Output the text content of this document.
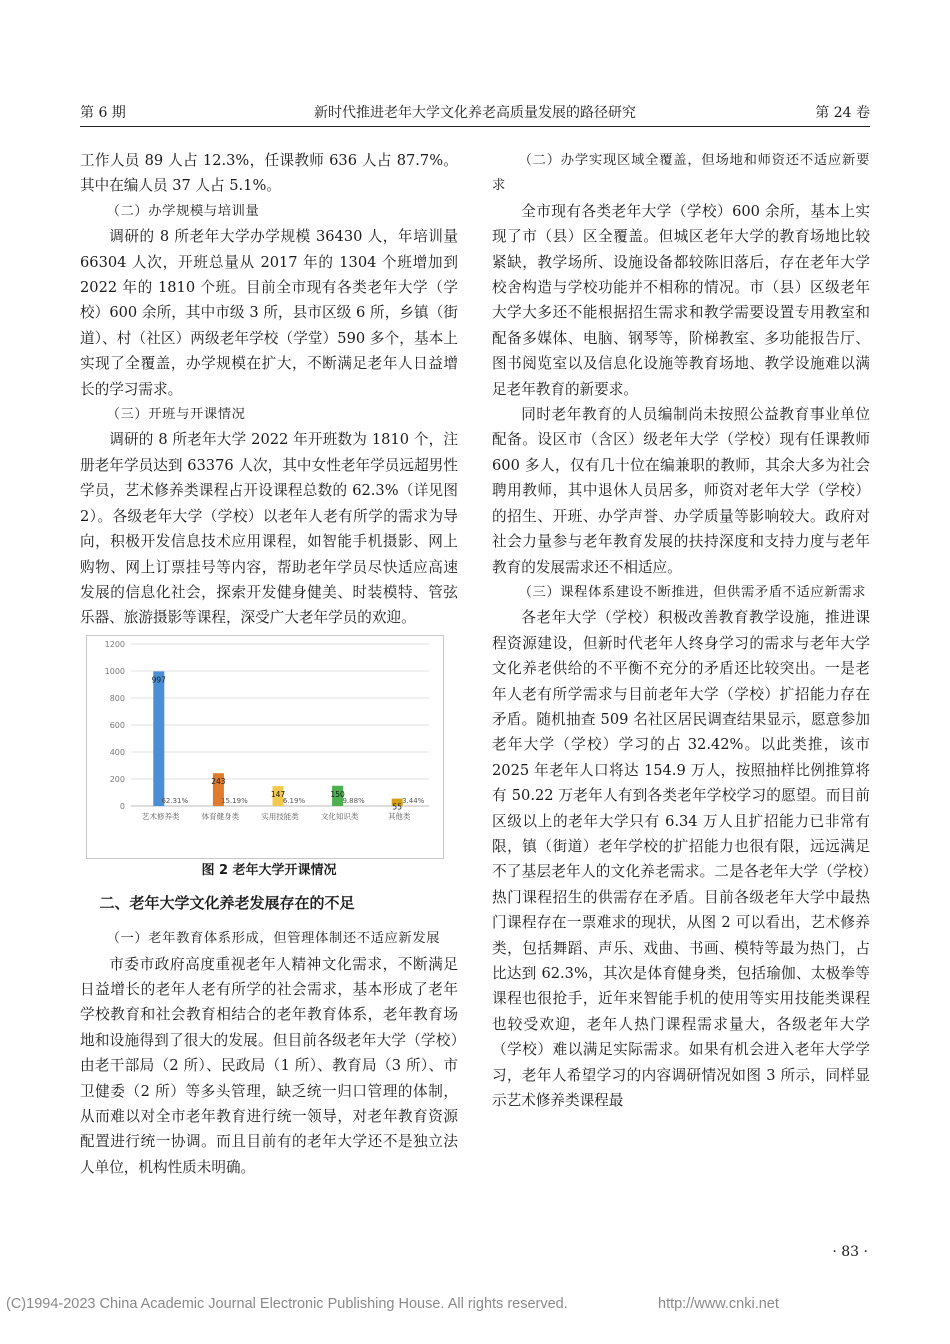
第 6 期	新时代推进老年大学文化养老高质量发展的路径研究	第 24 卷

工作人员 89 人占 12.3%，任课教师 636 人占 87.7%。其中在编人员 37 人占 5.1%。

（二）办学规模与培训量

调研的 8 所老年大学办学规模 36430 人，年培训量 66304 人次，开班总量从 2017 年的 1304 个班增加到 2022 年的 1810 个班。目前全市现有各类老年大学（学校）600 余所，其中市级 3 所，县市区级 6 所，乡镇（街道）、村（社区）两级老年学校（学堂）590 多个，基本上实现了全覆盖，办学规模在扩大，不断满足老年人日益增长的学习需求。

（三）开班与开课情况

调研的 8 所老年大学 2022 年开班数为 1810 个，注册老年学员达到 63376 人次，其中女性老年学员远超男性学员，艺术修养类课程占开设课程总数的 62.3%（详见图 2）。各级老年大学（学校）以老年人老有所学的需求为导向，积极开发信息技术应用课程，如智能手机摄影、网上购物、网上订票挂号等内容，帮助老年学员尽快适应高速发展的信息化社会，探索开发健身健美、时装模特、管弦乐器、旅游摄影等课程，深受广大老年学员的欢迎。

0
200
400
600
800
1000
1200
997
62.31%
艺术修养类
243
15.19%
体育健身类
147
6.19%
实用技能类
150
9.88%
文化知识类
55
3.44%
其他类

图 2 老年大学开课情况

二、老年大学文化养老发展存在的不足

（一）老年教育体系形成，但管理体制还不适应新发展

市委市政府高度重视老年人精神文化需求，不断满足日益增长的老年人老有所学的社会需求，基本形成了老年学校教育和社会教育相结合的老年教育体系，老年教育场地和设施得到了很大的发展。但目前各级老年大学（学校）由老干部局（2 所）、民政局（1 所）、教育局（3 所）、市卫健委（2 所）等多头管理，缺乏统一归口管理的体制，从而难以对全市老年教育进行统一领导，对老年教育资源配置进行统一协调。而且目前有的老年大学还不是独立法人单位，机构性质未明确。

（二）办学实现区域全覆盖，但场地和师资还不适应新要求

全市现有各类老年大学（学校）600 余所，基本上实现了市（县）区全覆盖。但城区老年大学的教育场地比较紧缺，教学场所、设施设备都较陈旧落后，存在老年大学校舍构造与学校功能并不相称的情况。市（县）区级老年大学大多还不能根据招生需求和教学需要设置专用教室和配备多媒体、电脑、钢琴等，阶梯教室、多功能报告厅、图书阅览室以及信息化设施等教育场地、教学设施难以满足老年教育的新要求。

同时老年教育的人员编制尚未按照公益教育事业单位配备。设区市（含区）级老年大学（学校）现有任课教师 600 多人，仅有几十位在编兼职的教师，其余大多为社会聘用教师，其中退休人员居多，师资对老年大学（学校）的招生、开班、办学声誉、办学质量等影响较大。政府对社会力量参与老年教育发展的扶持深度和支持力度与老年教育的发展需求还不相适应。

（三）课程体系建设不断推进，但供需矛盾不适应新需求

各老年大学（学校）积极改善教育教学设施，推进课程资源建设，但新时代老年人终身学习的需求与老年大学文化养老供给的不平衡不充分的矛盾还比较突出。一是老年人老有所学需求与目前老年大学（学校）扩招能力存在矛盾。随机抽查 509 名社区居民调查结果显示，愿意参加老年大学（学校）学习的占 32.42%。以此类推，该市 2025 年老年人口将达 154.9 万人，按照抽样比例推算将有 50.22 万老年人有到各类老年学校学习的愿望。而目前区级以上的老年大学只有 6.34 万人且扩招能力已非常有限，镇（街道）老年学校的扩招能力也很有限，远远满足不了基层老年人的文化养老需求。二是各老年大学（学校）热门课程招生的供需存在矛盾。目前各级老年大学中最热门课程存在一票难求的现状，从图 2 可以看出，艺术修养类，包括舞蹈、声乐、戏曲、书画、模特等最为热门，占比达到 62.3%，其次是体育健身类，包括瑜伽、太极拳等课程也很抢手，近年来智能手机的使用等实用技能类课程也较受欢迎，老年人热门课程需求量大，各级老年大学（学校）难以满足实际需求。如果有机会进入老年大学学习，老年人希望学习的内容调研情况如图 3 所示，同样显示艺术修养类课程最

· 83 ·
(C)1994-2023 China Academic Journal Electronic Publishing House. All rights reserved.	http://www.cnki.net
